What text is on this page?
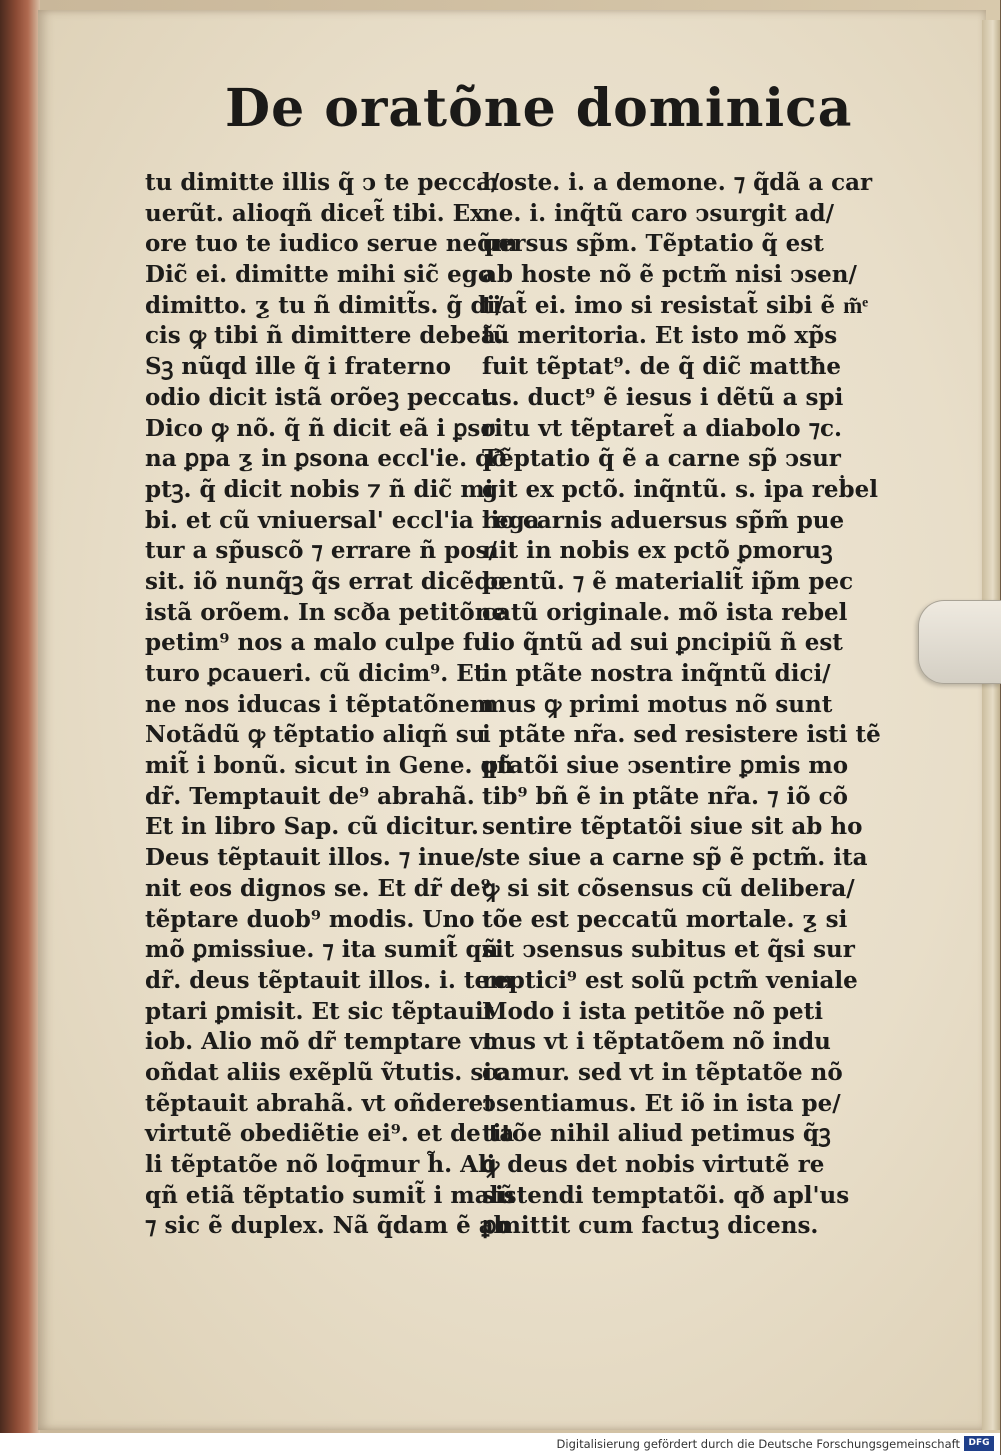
De oratõne dominica
tu dimitte illis q̃ ↄ te pecca/
uerũt. alioqñ dicet̃ tibi. Ex
ore tuo te iudico serue neq̃m
Dic̃ ei. dimitte mihi sic̃ ego
dimitto. ƺ tu ñ dimitt̃s. g̃ di/
cis ꝙ tibi ñ dimittere debeã.
Sꝫ nũqd ille q̃ i fraterno
odio dicit istã orõeꝫ peccat.
Dico ꝙ nõ. q̃ ñ dicit eã i ꝑso
na ꝑpa ƺ in ꝑsona eccl'ie. qð
ptꝫ. q̃ dicit nobis ⁊ ñ dic̃ mi
bi. et cũ vniuersal' eccl'ia rega
tur a sp̃uscõ ⁊ errare ñ pos/
sit. iõ nunq̃ꝫ q̃s errat dicẽdo
istã orõem. In scða petitõne
petim⁹ nos a malo culpe fu
turo ꝑcaueri. cũ dicim⁹. Et
ne nos iducas i tẽptatõnem
Notãdũ ꝙ tẽptatio aliqñ su
mit̃ i bonũ. sicut in Gene. qñ
dr̃. Temptauit de⁹ abrahã.
Et in libro Sap. cũ dicitur.
Deus tẽptauit illos. ⁊ inue/
nit eos dignos se. Et dr̃ de⁹
tẽptare duob⁹ modis. Uno
mõ ꝑmissiue. ⁊ ita sumit̃ qñ
dr̃. deus tẽptauit illos. i. tem
ptari ꝑmisit. Et sic tẽptauit
iob. Alio mõ dr̃ temptare vt
oñdat aliis exẽplũ ṽtutis. sic
tẽptauit abrahã. vt oñderet
virtutẽ obediẽtie ei⁹. et de ta
li tẽptatõe nõ loq̄mur h̃. Ali
qñ etiã tẽptatio sumit̃ i malũ
⁊ sic ẽ duplex. Nã q̃dam ẽ ab
hoste. i. a demone. ⁊ q̃dã a car
ne. i. inq̃tũ caro ↄsurgit ad/
uersus sp̃m. Tẽptatio q̃ est
ab hoste nõ ẽ pctm̃ nisi ↄsen/
tiat̃ ei. imo si resistat̃ sibi ẽ m̃ͤ
tũ meritoria. Et isto mõ xp̃s
fuit tẽptat⁹. de q̃ dic̃ mattħe
us. duct⁹ ẽ iesus i dẽtũ a spi
ritu vt tẽptaret̃ a diabolo ⁊c.
Tẽptatio q̃ ẽ a carne sp̃ ↄsur
git ex pctõ. inq̃ntũ. s. ipa reḃel
lio carnis aduersus sp̃m̃ pue
nit in nobis ex pctõ ꝑmoruꝫ
pentũ. ⁊ ẽ materialit̃ ip̃m pec
catũ originale. mõ ista rebel
lio q̃ntũ ad sui ꝑncipiũ ñ est
in ptãte nostra inq̃ntũ dici/
mus ꝙ primi motus nõ sunt
i ptãte nr̃a. sed resistere isti tẽ
ptatõi siue ↄsentire ꝑmis mo
tib⁹ bñ ẽ in ptãte nr̃a. ⁊ iõ cõ
sentire tẽptatõi siue sit ab ho
ste siue a carne sp̃ ẽ pctm̃. ita
ꝙ si sit cõsensus cũ delibera/
tõe est peccatũ mortale. ƺ si
sit ↄsensus subitus et q̃si sur
reptici⁹ est solũ pctm̃ veniale
Modo i ista petitõe nõ peti
mus vt i tẽptatõem nõ indu
camur. sed vt in tẽptatõe nõ
ↄsentiamus. Et iõ in ista pe/
titõe nihil aliud petimus q̃ꝫ
ꝙ deus det nobis virtutẽ re
sistendi temptatõi. qð apl'us
ꝑmittit cum factuꝫ dicens.
Digitalisierung gefördert durch die Deutsche Forschungsgemeinschaft DFG
